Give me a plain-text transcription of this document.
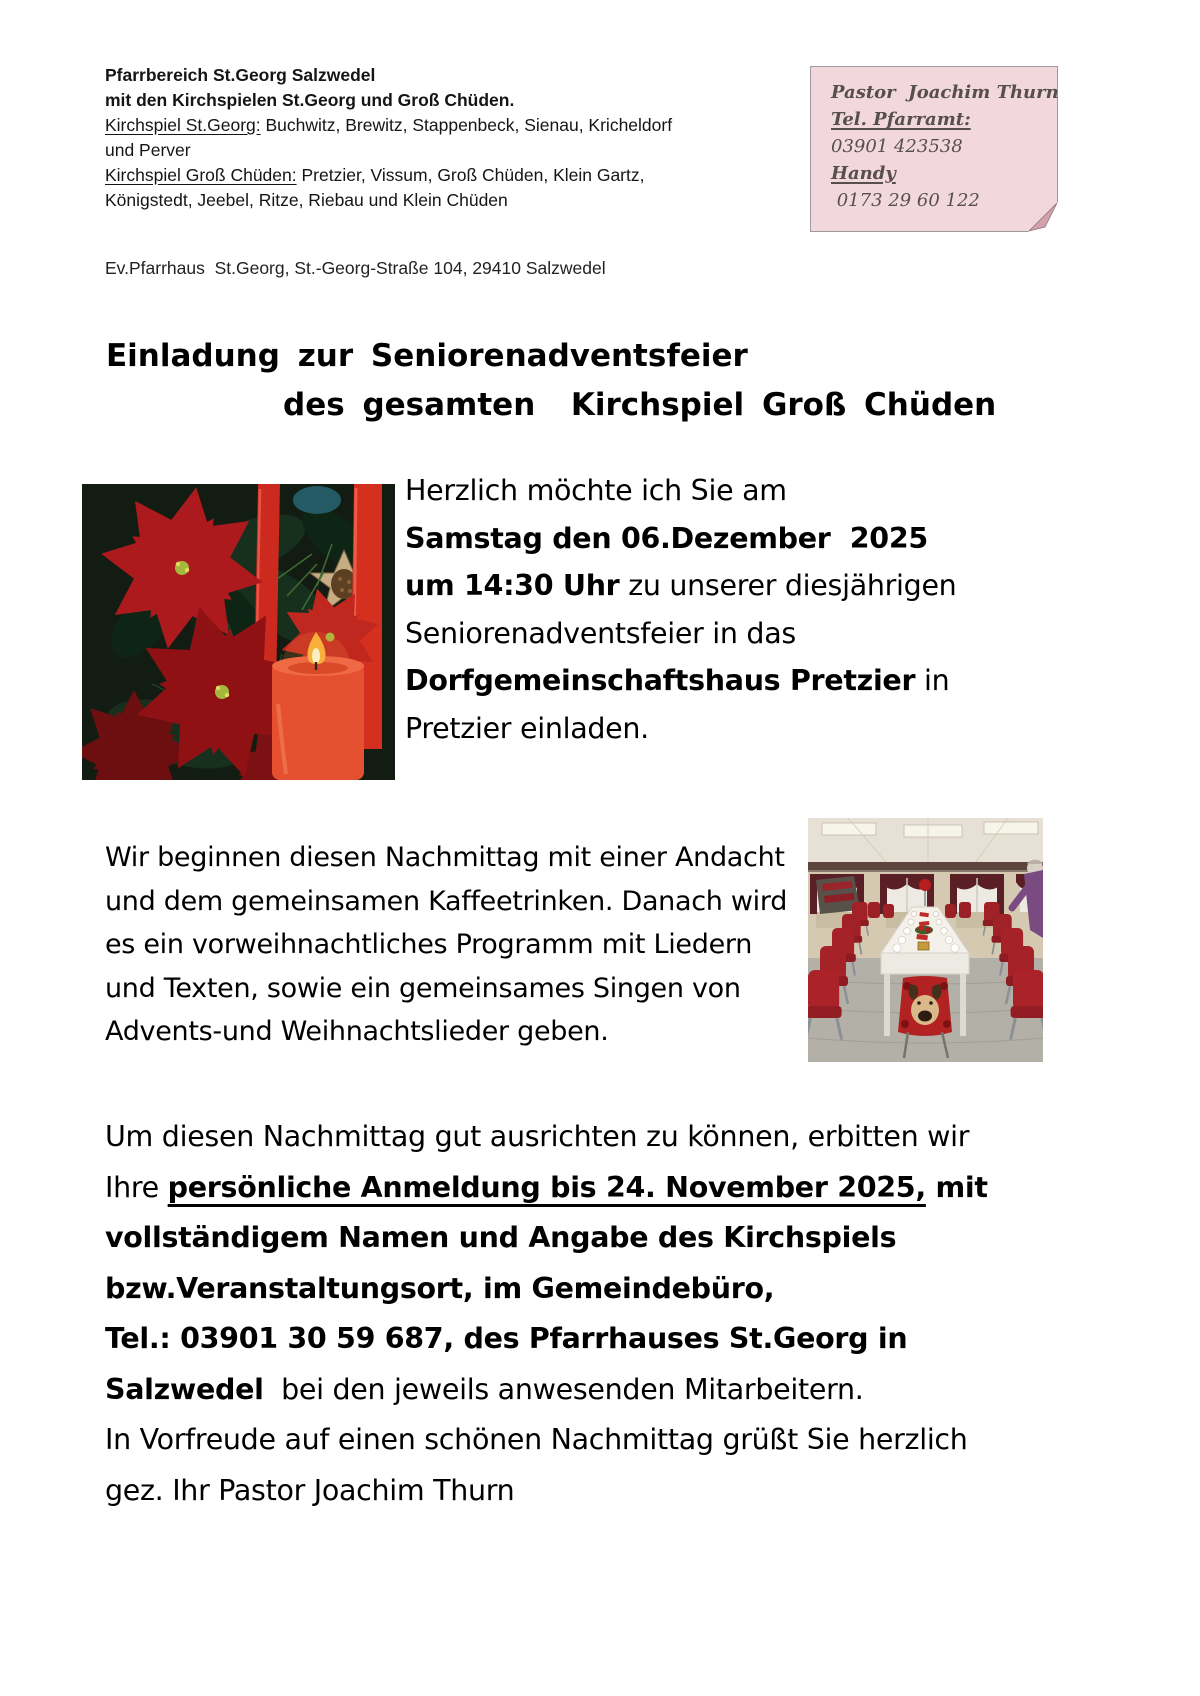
Pfarrbereich St.Georg Salzwedel
mit den Kirchspielen St.Georg und Groß Chüden.
Kirchspiel St.Georg: Buchwitz, Brewitz, Stappenbeck, Sienau, Kricheldorf
und Perver
Kirchspiel Groß Chüden: Pretzier, Vissum, Groß Chüden, Klein Gartz,
Königstedt, Jeebel, Ritze, Riebau und Klein Chüden
Ev.Pfarrhaus  St.Georg, St.-Georg-Straße 104, 29410 Salzwedel
Pastor  Joachim Thurn
Tel. Pfarramt:
03901 423538
Handy
0173 29 60 122
Einladung zur Seniorenadventsfeier
des gesamten  Kirchspiel Groß Chüden
Herzlich möchte ich Sie am
Samstag den 06.Dezember  2025
um 14:30 Uhr zu unserer diesjährigen
Seniorenadventsfeier in das
Dorfgemeinschaftshaus Pretzier in
Pretzier einladen.
Wir beginnen diesen Nachmittag mit einer Andacht
und dem gemeinsamen Kaffeetrinken. Danach wird
es ein vorweihnachtliches Programm mit Liedern
und Texten, sowie ein gemeinsames Singen von
Advents-und Weihnachtslieder geben.
Um diesen Nachmittag gut ausrichten zu können, erbitten wir
Ihre persönliche Anmeldung bis 24. November 2025, mit
vollständigem Namen und Angabe des Kirchspiels
bzw.Veranstaltungsort, im Gemeindebüro,
Tel.: 03901 30 59 687, des Pfarrhauses St.Georg in
Salzwedel  bei den jeweils anwesenden Mitarbeitern.
In Vorfreude auf einen schönen Nachmittag grüßt Sie herzlich
gez. Ihr Pastor Joachim Thurn
